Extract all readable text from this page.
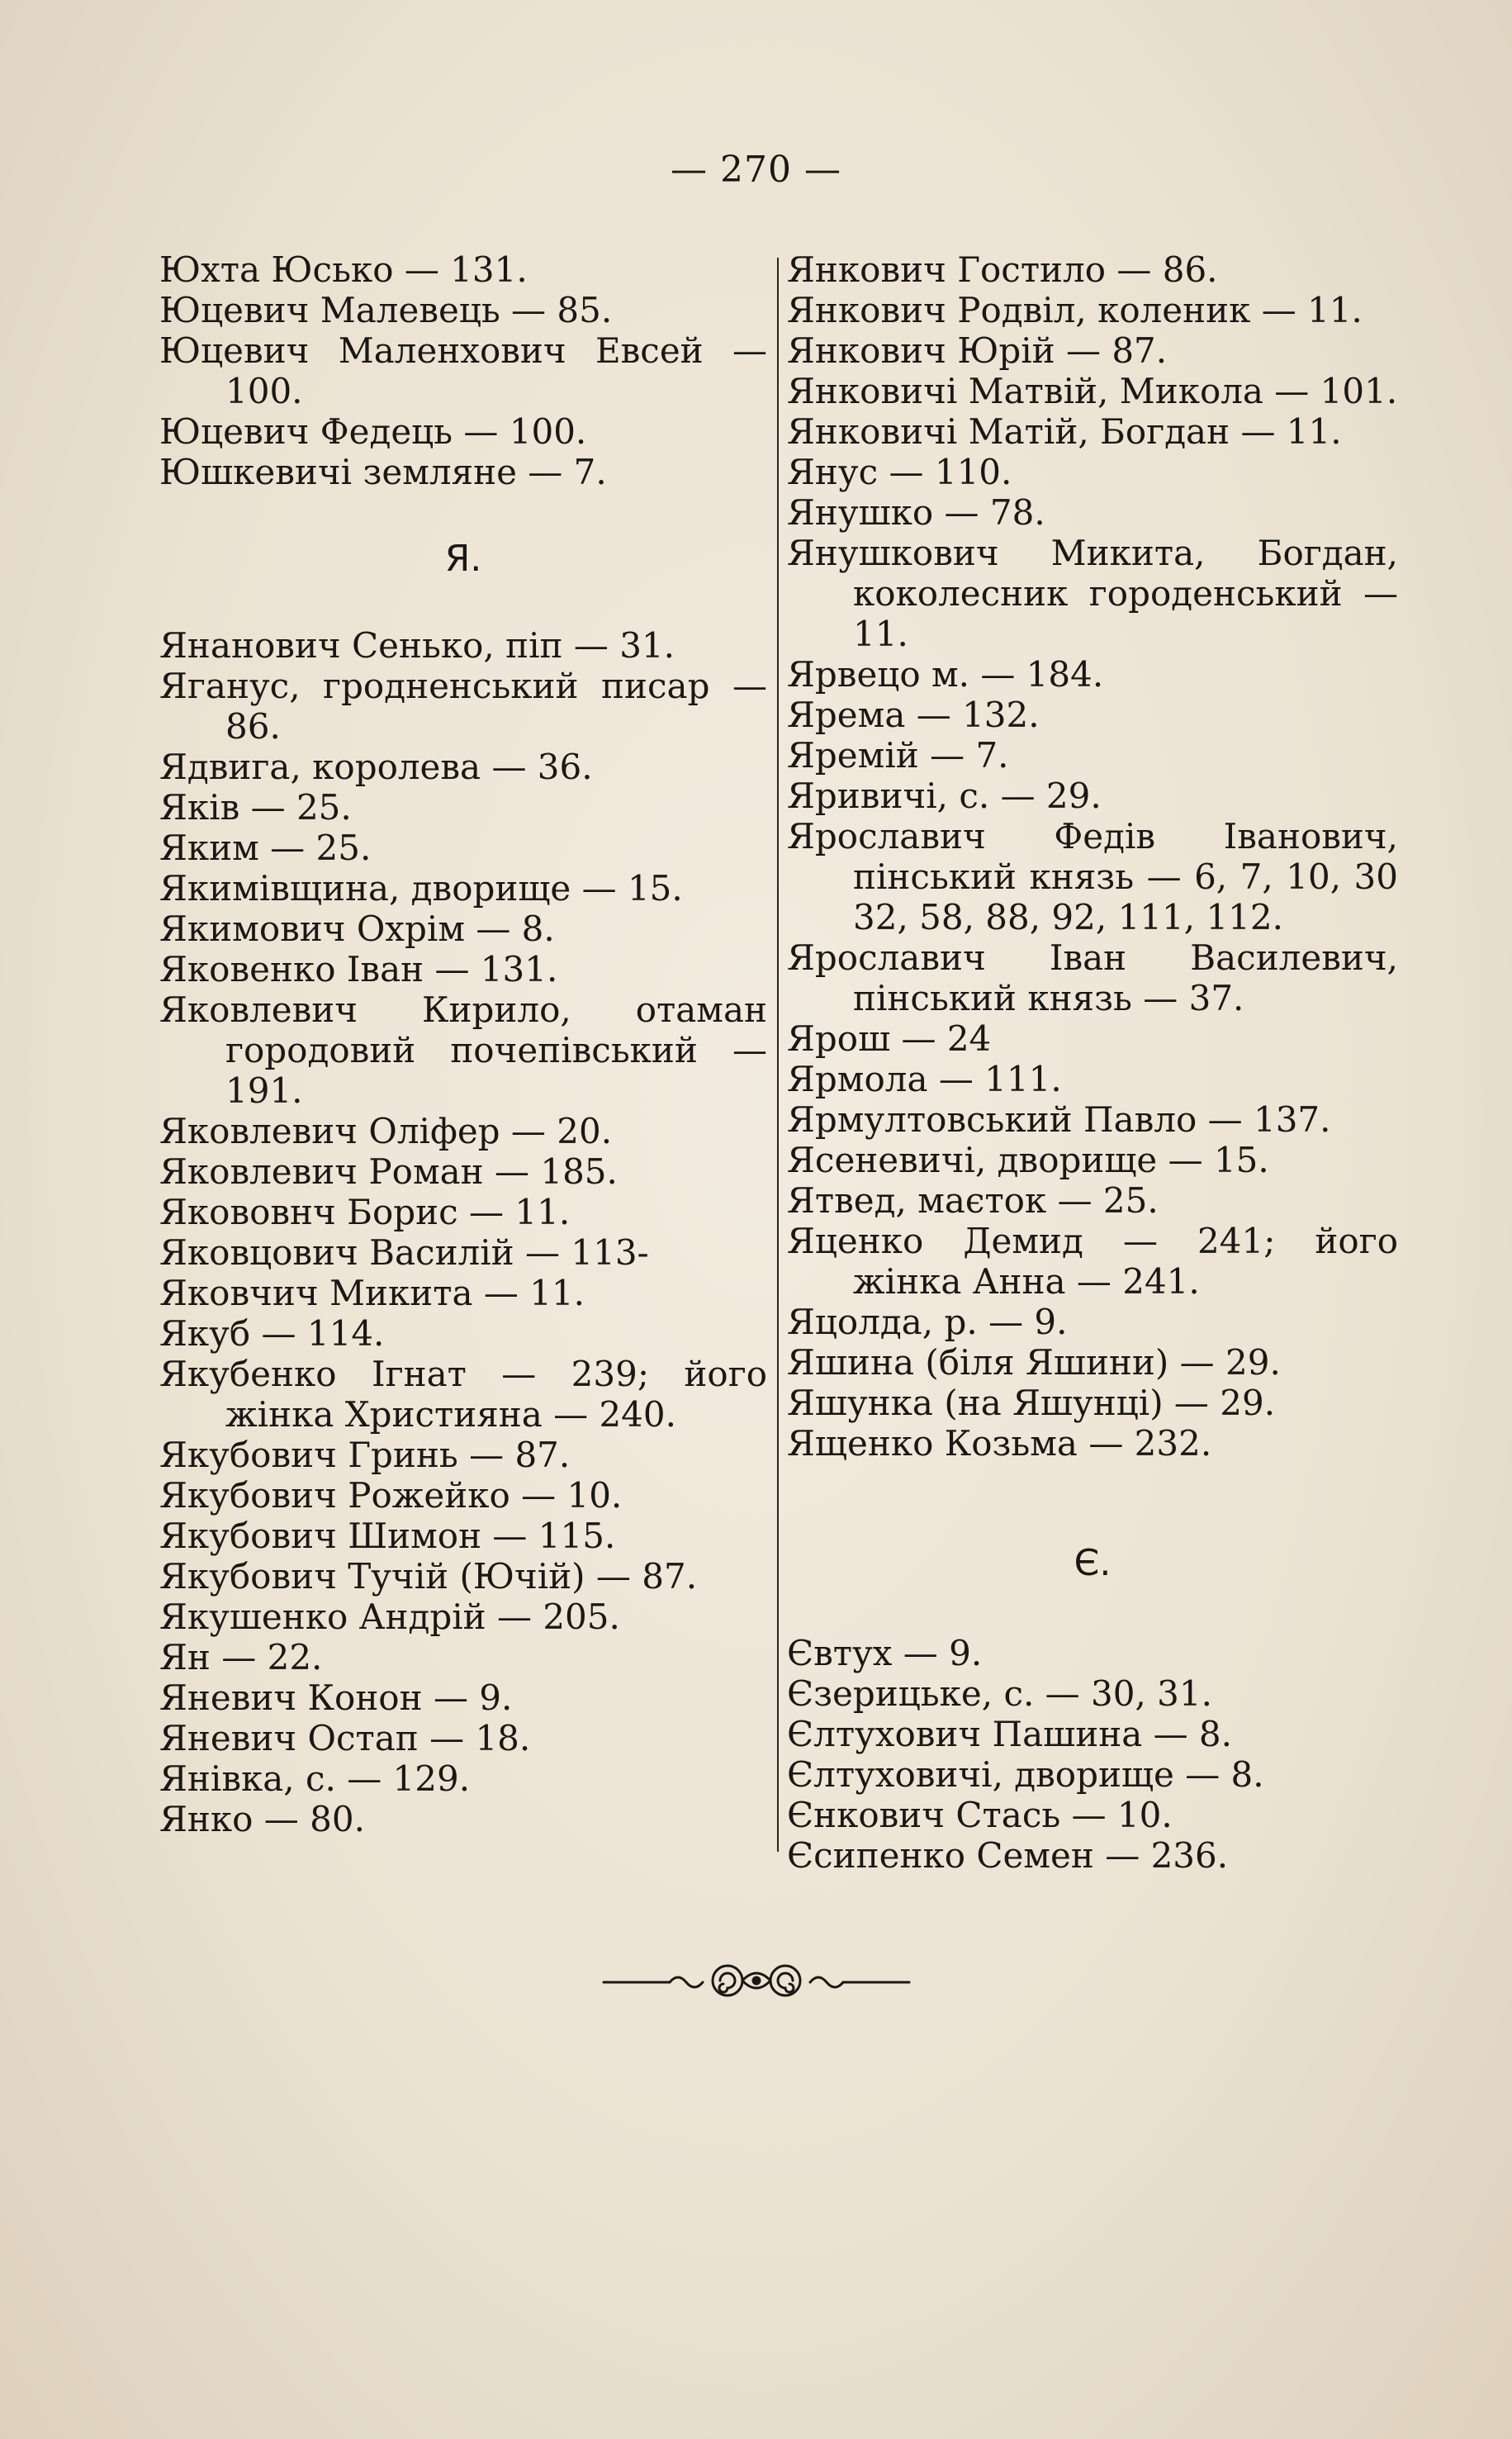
— 270 —
Юхта Юсько — 131.
Юцевич Малевець — 85.
Юцевич Маленхович Евсей — 100.
Юцевич Федець — 100.
Юшкевичі земляне — 7.
Я.
Янанович Сенько, піп — 31.
Яганус, гродненський писар — 86.
Ядвига, королева — 36.
Яків — 25.
Яким — 25.
Якимівщина, дворище — 15.
Якимович Охрім — 8.
Яковенко Іван — 131.
Яковлевич Кирило, отаман городовий почепівський — 191.
Яковлевич Оліфер — 20.
Яковлевич Роман — 185.
Якововнч Борис — 11.
Яковцович Василій — 113-
Яковчич Микита — 11.
Якуб — 114.
Якубенко Ігнат — 239; його жінка Християна — 240.
Якубович Гринь — 87.
Якубович Рожейко — 10.
Якубович Шимон — 115.
Якубович Тучій (Ючій) — 87.
Якушенко Андрій — 205.
Ян — 22.
Яневич Конон — 9.
Яневич Остап — 18.
Янівка, с. — 129.
Янко — 80.
Янкович Гостило — 86.
Янкович Родвіл, коленик — 11.
Янкович Юрій — 87.
Янковичі Матвій, Микола — 101.
Янковичі Матій, Богдан — 11.
Янус — 110.
Янушко — 78.
Янушкович Микита, Богдан, коколесник городенський — 11.
Ярвецо м. — 184.
Ярема — 132.
Яремій — 7.
Яривичі, с. — 29.
Ярославич Федів Іванович, пінський князь — 6, 7, 10, 30 32, 58, 88, 92, 111, 112.
Ярославич Іван Василевич, пінський князь — 37.
Ярош — 24
Ярмола — 111.
Ярмултовський Павло — 137.
Ясеневичі, дворище — 15.
Ятвед, маєток — 25.
Яценко Демид — 241; його жінка Анна — 241.
Яцолда, р. — 9.
Яшина (біля Яшини) — 29.
Яшунка (на Яшунці) — 29.
Ященко Козьма — 232.
Є.
Євтух — 9.
Єзерицьке, с. — 30, 31.
Єлтухович Пашина — 8.
Єлтуховичі, дворище — 8.
Єнкович Стась — 10.
Єсипенко Семен — 236.
